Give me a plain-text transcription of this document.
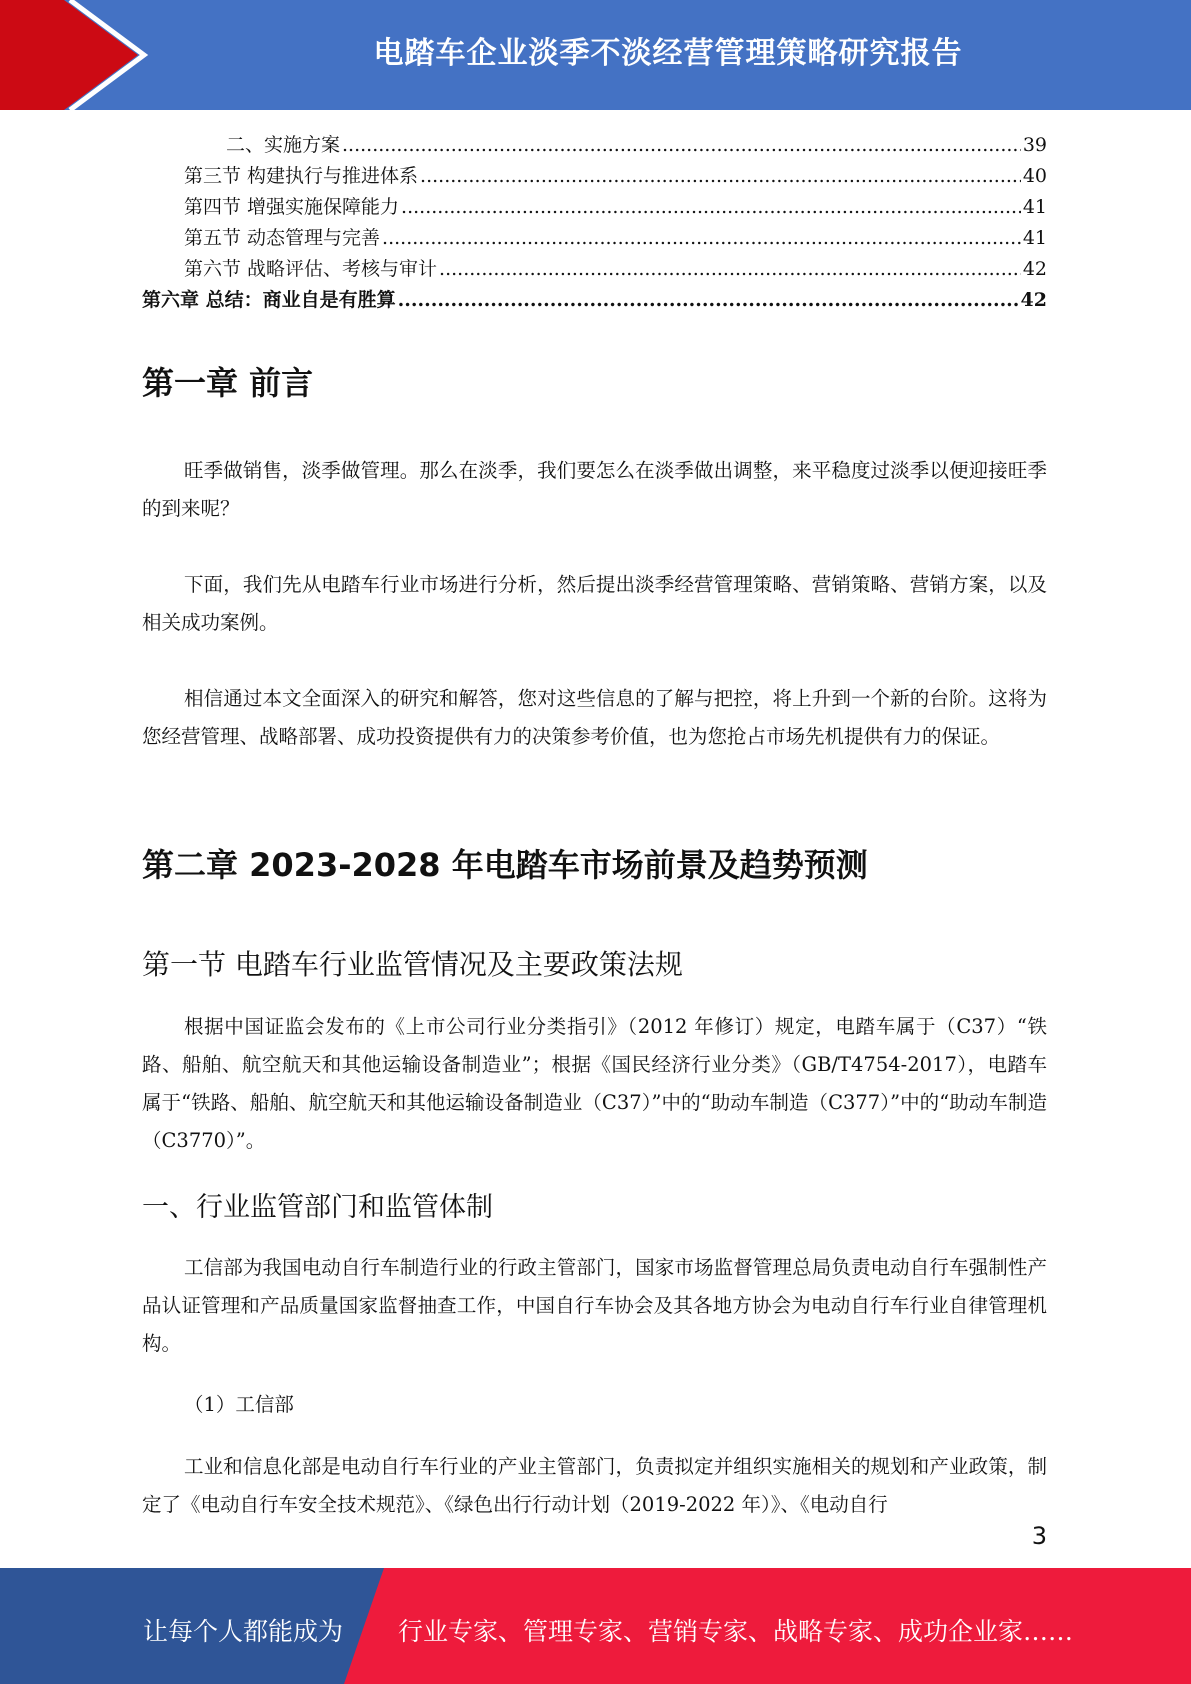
电踏车企业淡季不淡经营管理策略研究报告
二、实施方案 .....	39
第三节 构建执行与推进体系 .....	40
第四节 增强实施保障能力 .....	41
第五节 动态管理与完善 .....	41
第六节 战略评估、考核与审计 .....	42
第六章 总结：商业自是有胜算 .....	42
第一章 前言

旺季做销售，淡季做管理。那么在淡季，我们要怎么在淡季做出调整，来平稳度过淡季以便迎接旺季的到来呢？

下面，我们先从电踏车行业市场进行分析，然后提出淡季经营管理策略、营销策略、营销方案，以及相关成功案例。

相信通过本文全面深入的研究和解答，您对这些信息的了解与把控，将上升到一个新的台阶。这将为您经营管理、战略部署、成功投资提供有力的决策参考价值，也为您抢占市场先机提供有力的保证。

第二章 2023-2028 年电踏车市场前景及趋势预测
第一节 电踏车行业监管情况及主要政策法规

根据中国证监会发布的《上市公司行业分类指引》（2012 年修订）规定，电踏车属于（C37）“铁路、船舶、航空航天和其他运输设备制造业”；根据《国民经济行业分类》（GB/T4754-2017），电踏车属于“铁路、船舶、航空航天和其他运输设备制造业（C37）”中的“助动车制造（C377）”中的“助动车制造（C3770）”。

一、行业监管部门和监管体制

工信部为我国电动自行车制造行业的行政主管部门，国家市场监督管理总局负责电动自行车强制性产品认证管理和产品质量国家监督抽查工作，中国自行车协会及其各地方协会为电动自行车行业自律管理机构。

（1）工信部

工业和信息化部是电动自行车行业的产业主管部门，负责拟定并组织实施相关的规划和产业政策，制定了《电动自行车安全技术规范》、《绿色出行行动计划（2019-2022 年）》、《电动自行

3
让每个人都能成为 行业专家、管理专家、营销专家、战略专家、成功企业家……
